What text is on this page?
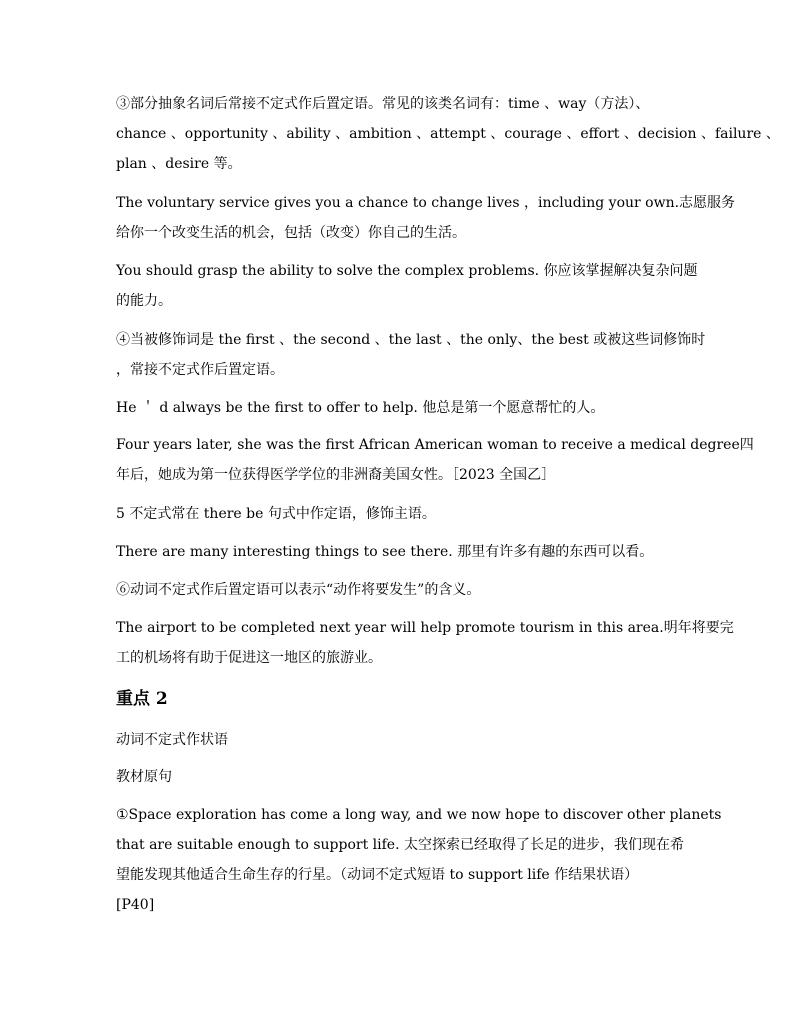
③部分抽象名词后常接不定式作后置定语。常见的该类名词有：time 、way（方法）、
chance 、opportunity 、ability 、ambition 、attempt 、courage 、effort 、decision 、failure 、
plan 、desire 等。
The voluntary service gives you a chance to change lives ，including your own.志愿服务
给你一个改变生活的机会，包括（改变）你自己的生活。
You should grasp the ability to solve the complex problems. 你应该掌握解决复杂问题
的能力。
④当被修饰词是 the first 、the second 、the last 、the only、the best 或被这些词修饰时
，常接不定式作后置定语。
He ＇ d always be the first to offer to help. 他总是第一个愿意帮忙的人。
Four years later, she was the first African American woman to receive a medical degree四
年后，她成为第一位获得医学学位的非洲裔美国女性。［2023 全国乙］
5 不定式常在 there be 句式中作定语，修饰主语。
There are many interesting things to see there. 那里有许多有趣的东西可以看。
⑥动词不定式作后置定语可以表示“动作将要发生”的含义。
The airport to be completed next year will help promote tourism in this area.明年将要完
工的机场将有助于促进这一地区的旅游业。
重点 2
动词不定式作状语
教材原句
①Space exploration has come a long way, and we now hope to discover other planets
that are suitable enough to support life. 太空探索已经取得了长足的进步，我们现在希
望能发现其他适合生命生存的行星。（动词不定式短语 to support life 作结果状语）
[P40]
